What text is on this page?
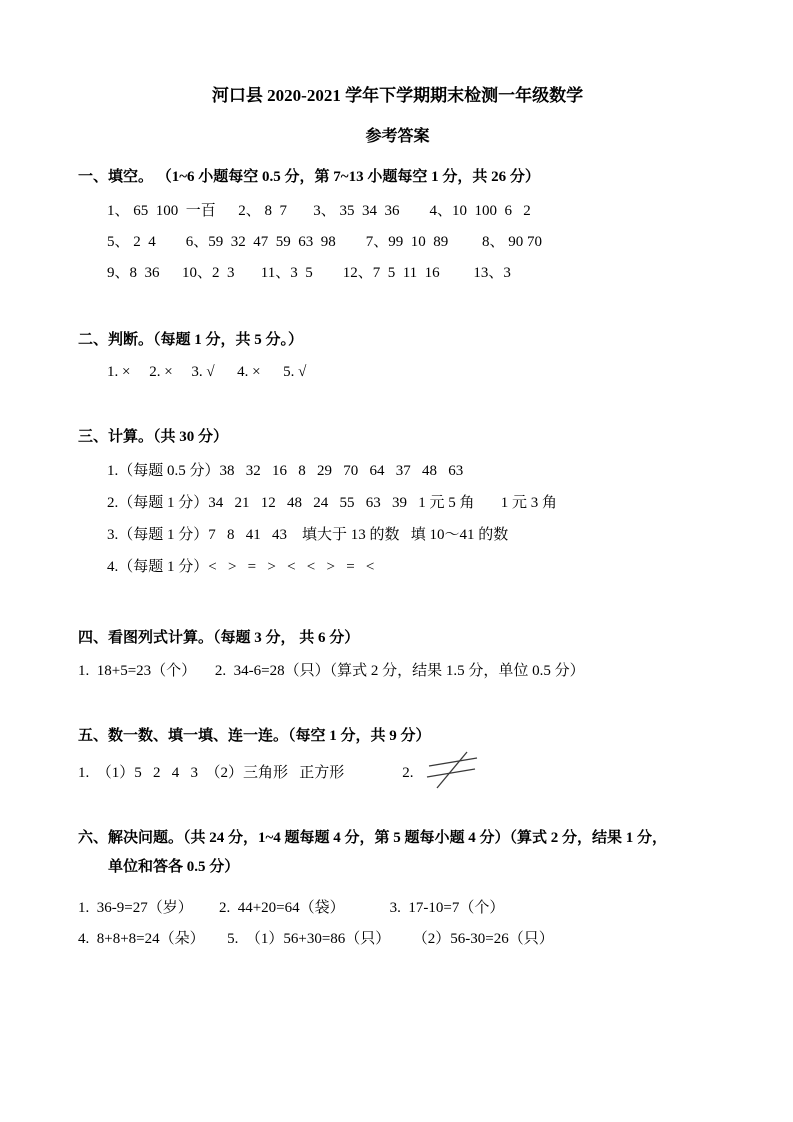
河口县 2020-2021 学年下学期期末检测一年级数学
参考答案
一、填空。 （1~6 小题每空 0.5 分，第 7~13 小题每空 1 分，共 26 分）
1、 65  100  一百      2、 8  7       3、 35  34  36        4、10  100  6   2
5、 2  4        6、59  32  47  59  63  98        7、99  10  89         8、 90 70
9、8  36      10、2  3       11、3  5        12、7  5  11  16         13、3
二、判断。（每题 1 分，共 5 分。）
1. ×     2. ×     3. √      4. ×      5. √
三、计算。（共 30 分）
1.（每题 0.5 分）38   32   16   8   29   70   64   37   48   63
2.（每题 1 分）34   21   12   48   24   55   63   39   1 元 5 角       1 元 3 角
3.（每题 1 分）7   8   41   43    填大于 13 的数   填 10～41 的数
4.（每题 1 分）<   >   =   >   <   <   >   =   <
四、看图列式计算。（每题 3 分， 共 6 分）
1.  18+5=23（个）     2.  34-6=28（只）（算式 2 分，结果 1.5 分，单位 0.5 分）
五、数一数、填一填、连一连。（每空 1 分，共 9 分）
1.  （1）5   2   4   3  （2）三角形   正方形	2.
六、解决问题。（共 24 分，1~4 题每题 4 分，第 5 题每小题 4 分）（算式 2 分，结果 1 分，
单位和答各 0.5 分）
1.  36-9=27（岁）       2.  44+20=64（袋）            3.  17-10=7（个）
4.  8+8+8=24（朵）      5.  （1）56+30=86（只）      （2）56-30=26（只）
